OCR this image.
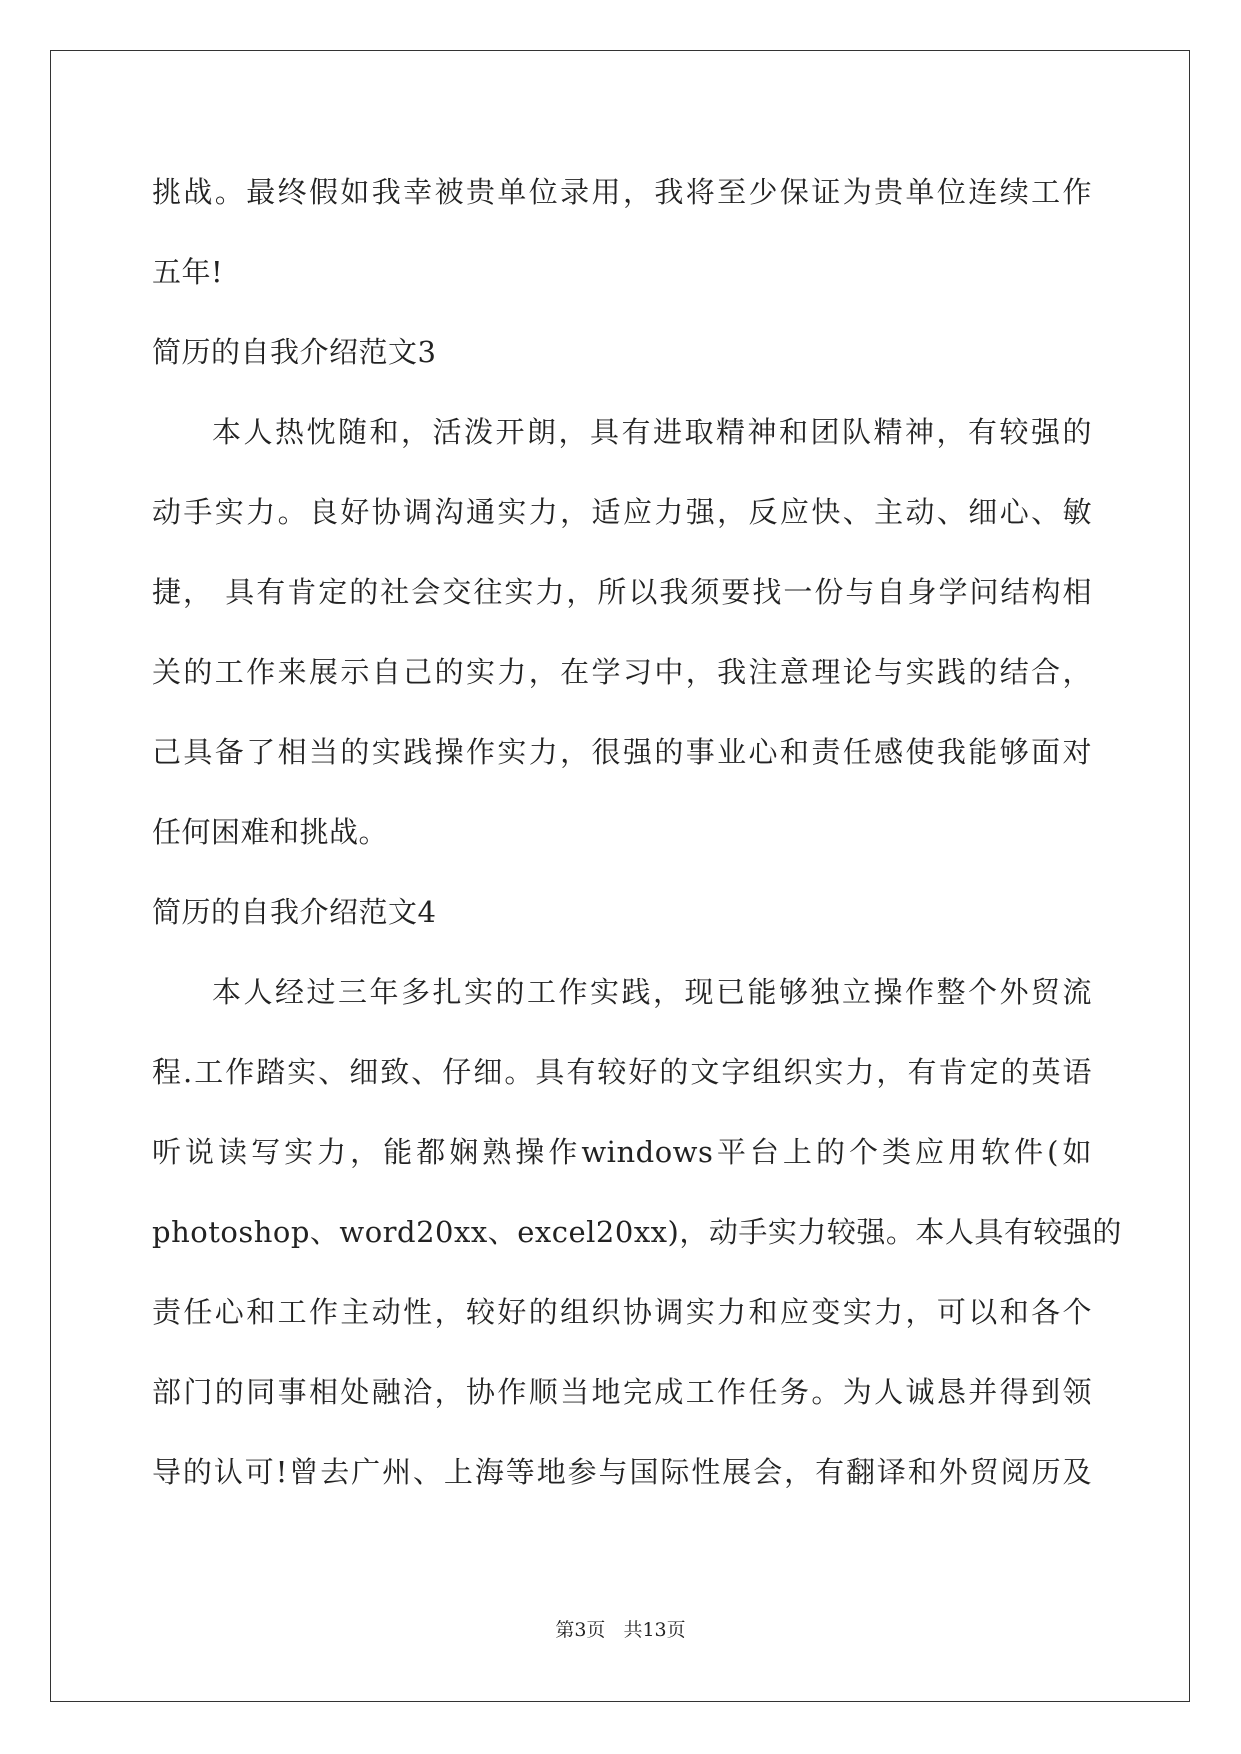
挑战。最终假如我幸被贵单位录用，我将至少保证为贵单位连续工作
五年!
简历的自我介绍范文3
本人热忱随和，活泼开朗，具有进取精神和团队精神，有较强的
动手实力。良好协调沟通实力，适应力强，反应快、主动、细心、敏
捷， 具有肯定的社会交往实力，所以我须要找一份与自身学问结构相
关的工作来展示自己的实力，在学习中，我注意理论与实践的结合，
己具备了相当的实践操作实力，很强的事业心和责任感使我能够面对
任何困难和挑战。
简历的自我介绍范文4
本人经过三年多扎实的工作实践，现已能够独立操作整个外贸流
程.工作踏实、细致、仔细。具有较好的文字组织实力，有肯定的英语
听说读写实力，能都娴熟操作windows平台上的个类应用软件(如
photoshop、word20xx、excel20xx)，动手实力较强。本人具有较强的
责任心和工作主动性，较好的组织协调实力和应变实力，可以和各个
部门的同事相处融洽，协作顺当地完成工作任务。为人诚恳并得到领
导的认可!曾去广州、上海等地参与国际性展会，有翻译和外贸阅历及
第3页 共13页
